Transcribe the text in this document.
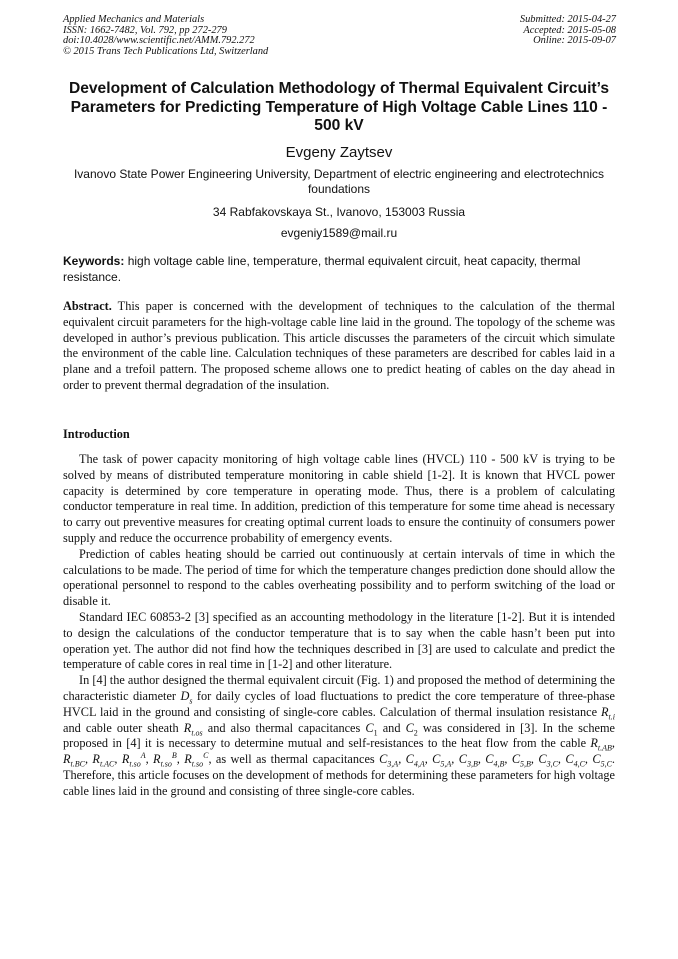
Applied Mechanics and Materials
ISSN: 1662-7482, Vol. 792, pp 272-279
doi:10.4028/www.scientific.net/AMM.792.272
© 2015 Trans Tech Publications Ltd, Switzerland
Submitted: 2015-04-27
Accepted: 2015-05-08
Online: 2015-09-07
Development of Calculation Methodology of Thermal Equivalent Circuit’s Parameters for Predicting Temperature of High Voltage Cable Lines 110 - 500 kV
Evgeny Zaytsev
Ivanovo State Power Engineering University, Department of electric engineering and electrotechnics foundations
34 Rabfakovskaya St., Ivanovo, 153003 Russia
evgeniy1589@mail.ru
Keywords: high voltage cable line, temperature, thermal equivalent circuit, heat capacity, thermal resistance.
Abstract. This paper is concerned with the development of techniques to the calculation of the thermal equivalent circuit parameters for the high-voltage cable line laid in the ground. The topology of the scheme was developed in author’s previous publication. This article discusses the parameters of the circuit which simulate the environment of the cable line. Calculation techniques of these parameters are described for cables laid in a plane and a trefoil pattern. The proposed scheme allows one to predict heating of cables on the day ahead in order to prevent thermal degradation of the insulation.
Introduction

The task of power capacity monitoring of high voltage cable lines (HVCL) 110 - 500 kV is trying to be solved by means of distributed temperature monitoring in cable shield [1-2]. It is known that HVCL power capacity is determined by core temperature in operating mode. Thus, there is a problem of calculating conductor temperature in real time. In addition, prediction of this temperature for some time ahead is necessary to carry out preventive measures for creating optimal current loads to ensure the continuity of consumers power supply and reduce the occurrence probability of emergency events.

Prediction of cables heating should be carried out continuously at certain intervals of time in which the calculations to be made. The period of time for which the temperature changes prediction done should allow the operational personnel to respond to the cables overheating possibility and to perform switching of the load or disable it.

Standard IEC 60853-2 [3] specified as an accounting methodology in the literature [1-2]. But it is intended to design the calculations of the conductor temperature that is to say when the cable hasn’t been put into operation yet. The author did not find how the techniques described in [3] are used to calculate and predict the temperature of cable cores in real time in [1-2] and other literature.

In [4] the author designed the thermal equivalent circuit (Fig. 1) and proposed the method of determining the characteristic diameter $D_s$ for daily cycles of load fluctuations to predict the core temperature of three-phase HVCL laid in the ground and consisting of single-core cables. Calculation of thermal insulation resistance $R_{t.i}$ and cable outer sheath $R_{t.os}$ and also thermal capacitances $C_1$ and $C_2$ was considered in [3]. In the scheme proposed in [4] it is necessary to determine mutual and self-resistances to the heat flow from the cable $R_{t.AB}$, $R_{t.BC}$, $R_{t.AC}$, $R_{t.so}^A$, $R_{t.so}^B$, $R_{t.so}^C$, as well as thermal capacitances $C_{3,A}$, $C_{4,A}$, $C_{5,A}$, $C_{3,B}$, $C_{4,B}$, $C_{5,B}$, $C_{3,C}$, $C_{4,C}$, $C_{5,C}$. Therefore, this article focuses on the development of methods for determining these parameters for high voltage cable lines laid in the ground and consisting of three single-core cables.
